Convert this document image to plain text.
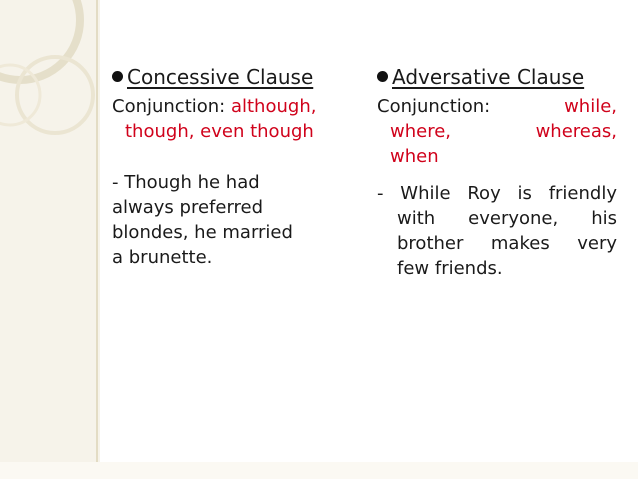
Concessive Clause
Conjunction: although,
though, even though
- Though he had
always preferred
blondes, he married
a brunette.
Adversative Clause
Conjunction:	while,
where,	whereas,
when
- While Roy is friendly
with everyone, his
brother makes very
few friends.
